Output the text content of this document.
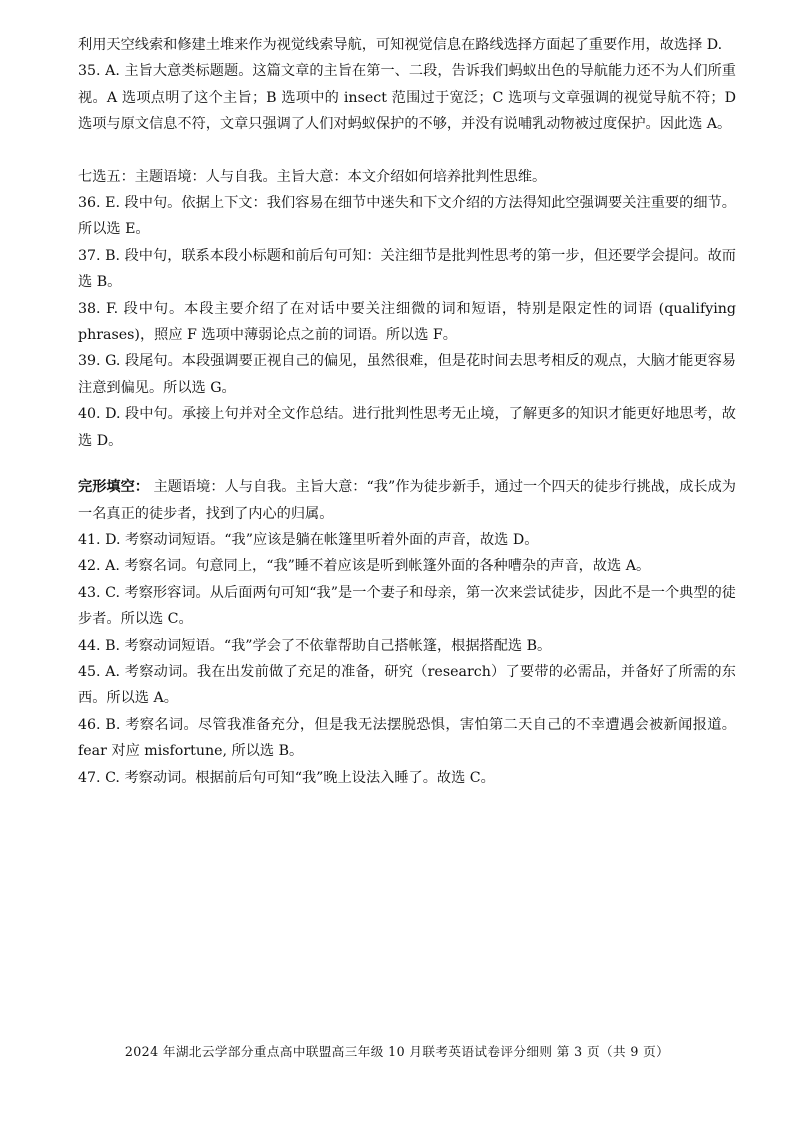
利用天空线索和修建土堆来作为视觉线索导航，可知视觉信息在路线选择方面起了重要作用，故选择 D.

35. A. 主旨大意类标题题。这篇文章的主旨在第一、二段，告诉我们蚂蚁出色的导航能力还不为人们所重视。A 选项点明了这个主旨；B 选项中的 insect 范围过于宽泛；C 选项与文章强调的视觉导航不符；D 选项与原文信息不符，文章只强调了人们对蚂蚁保护的不够，并没有说哺乳动物被过度保护。因此选 A。

七选五：主题语境：人与自我。主旨大意：本文介绍如何培养批判性思维。

36. E. 段中句。依据上下文：我们容易在细节中迷失和下文介绍的方法得知此空强调要关注重要的细节。所以选 E。

37. B. 段中句，联系本段小标题和前后句可知：关注细节是批判性思考的第一步，但还要学会提问。故而选 B。

38. F. 段中句。本段主要介绍了在对话中要关注细微的词和短语，特别是限定性的词语 (qualifying phrases)，照应 F 选项中薄弱论点之前的词语。所以选 F。

39. G. 段尾句。本段强调要正视自己的偏见，虽然很难，但是花时间去思考相反的观点，大脑才能更容易注意到偏见。所以选 G。

40. D. 段中句。承接上句并对全文作总结。进行批判性思考无止境，了解更多的知识才能更好地思考，故选 D。

完形填空： 主题语境：人与自我。主旨大意：“我”作为徒步新手，通过一个四天的徒步行挑战，成长成为一名真正的徒步者，找到了内心的归属。

41. D. 考察动词短语。“我”应该是躺在帐篷里听着外面的声音，故选 D。

42. A. 考察名词。句意同上，“我”睡不着应该是听到帐篷外面的各种嘈杂的声音，故选 A。

43. C. 考察形容词。从后面两句可知“我”是一个妻子和母亲，第一次来尝试徒步，因此不是一个典型的徒步者。所以选 C。

44. B. 考察动词短语。“我”学会了不依靠帮助自己搭帐篷，根据搭配选 B。

45. A. 考察动词。我在出发前做了充足的准备，研究（research）了要带的必需品，并备好了所需的东西。所以选 A。

46. B. 考察名词。尽管我准备充分，但是我无法摆脱恐惧，害怕第二天自己的不幸遭遇会被新闻报道。fear 对应 misfortune, 所以选 B。

47. C. 考察动词。根据前后句可知“我”晚上设法入睡了。故选 C。

2024 年湖北云学部分重点高中联盟高三年级 10 月联考英语试卷评分细则 第 3 页（共 9 页）
